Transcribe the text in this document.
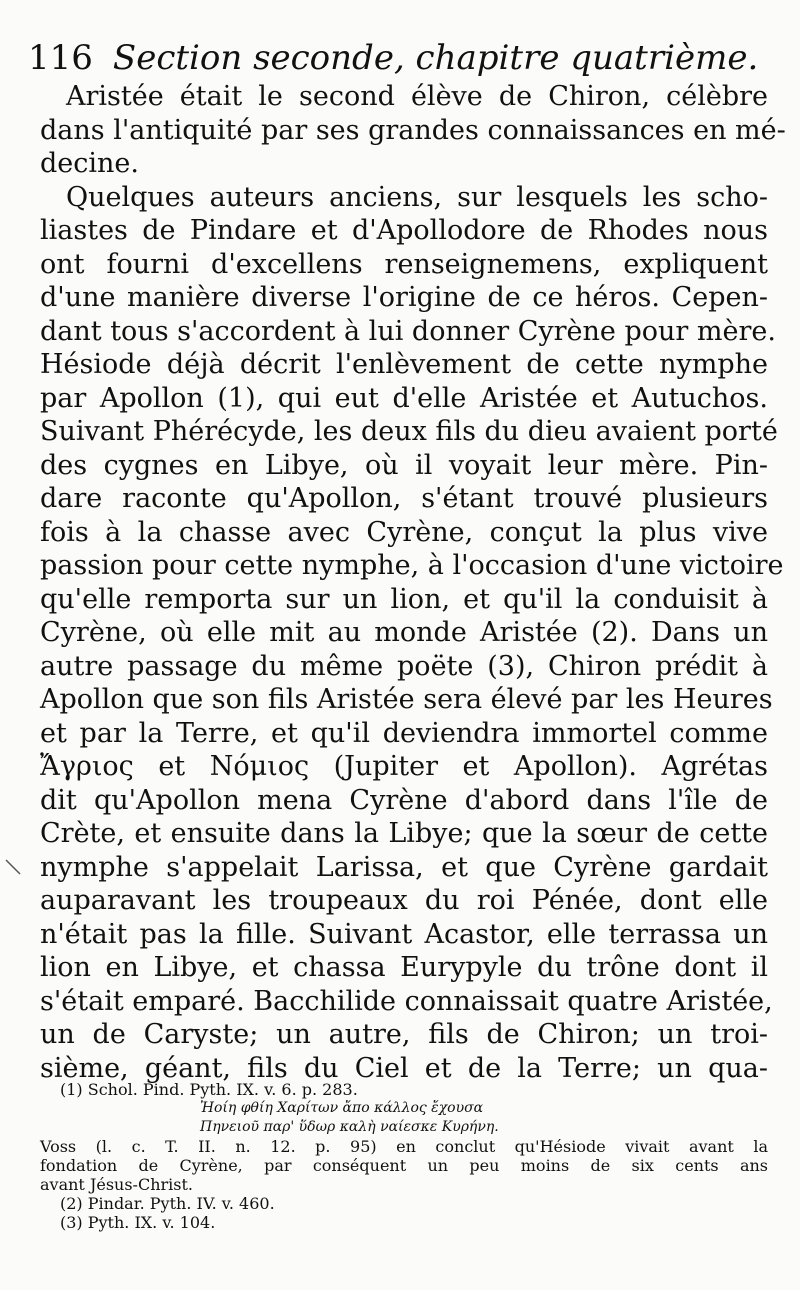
116 Section seconde, chapitre quatrième.
Aristée était le second élève de Chiron, célèbre
dans l'antiquité par ses grandes connaissances en mé-
decine.
Quelques auteurs anciens, sur lesquels les scho-
liastes de Pindare et d'Apollodore de Rhodes nous
ont fourni d'excellens renseignemens, expliquent
d'une manière diverse l'origine de ce héros. Cepen-
dant tous s'accordent à lui donner Cyrène pour mère.
Hésiode déjà décrit l'enlèvement de cette nymphe
par Apollon (1), qui eut d'elle Aristée et Autuchos.
Suivant Phérécyde, les deux fils du dieu avaient porté
des cygnes en Libye, où il voyait leur mère. Pin-
dare raconte qu'Apollon, s'étant trouvé plusieurs
fois à la chasse avec Cyrène, conçut la plus vive
passion pour cette nymphe, à l'occasion d'une victoire
qu'elle remporta sur un lion, et qu'il la conduisit à
Cyrène, où elle mit au monde Aristée (2). Dans un
autre passage du même poëte (3), Chiron prédit à
Apollon que son fils Aristée sera élevé par les Heures
et par la Terre, et qu'il deviendra immortel comme
Ἄγριος et Νόμιος (Jupiter et Apollon). Agrétas
dit qu'Apollon mena Cyrène d'abord dans l'île de
Crète, et ensuite dans la Libye; que la sœur de cette
nymphe s'appelait Larissa, et que Cyrène gardait
auparavant les troupeaux du roi Pénée, dont elle
n'était pas la fille. Suivant Acastor, elle terrassa un
lion en Libye, et chassa Eurypyle du trône dont il
s'était emparé. Bacchilide connaissait quatre Aristée,
un de Caryste; un autre, fils de Chiron; un troi-
sième, géant, fils du Ciel et de la Terre; un qua-
(1) Schol. Pind. Pyth. IX. v. 6. p. 283.
Ἠοίη φθίη Χαρίτων ἄπο κάλλος ἔχουσα
Πηνειοῦ παρ' ὕδωρ καλὴ ναίεσκε Κυρήνη.
Voss (l. c. T. II. n. 12. p. 95) en conclut qu'Hésiode vivait avant la
fondation de Cyrène, par conséquent un peu moins de six cents ans
avant Jésus-Christ.
(2) Pindar. Pyth. IV. v. 460.
(3) Pyth. IX. v. 104.
